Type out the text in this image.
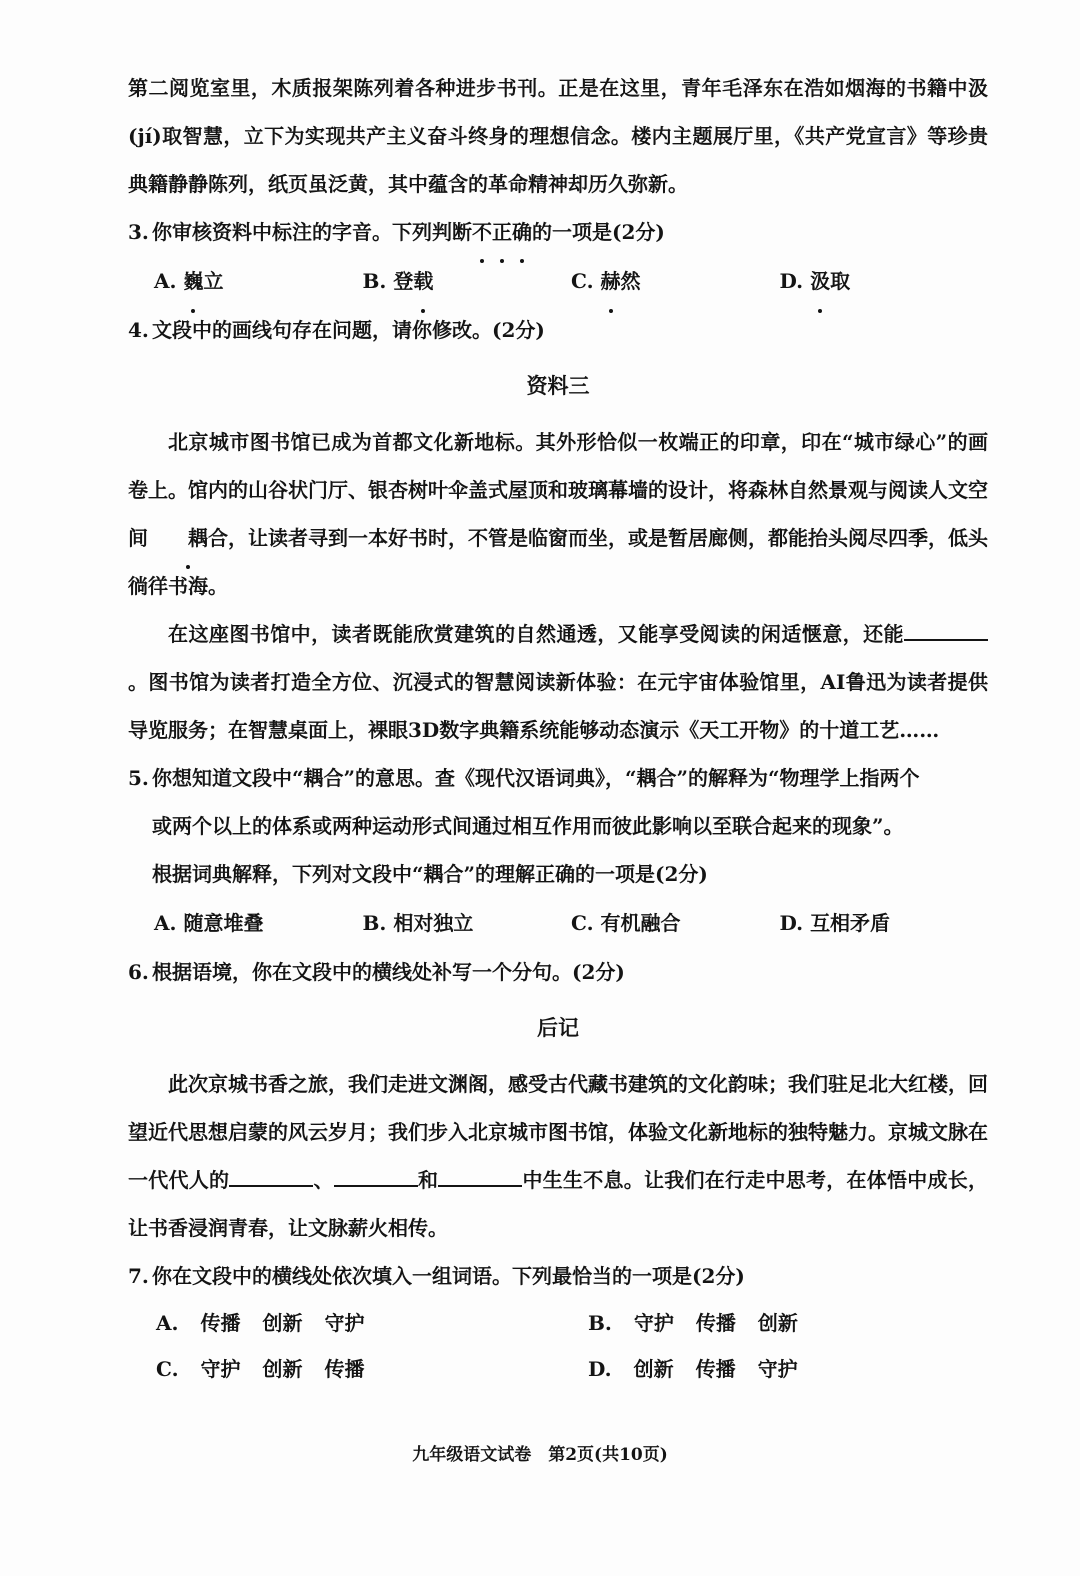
第二阅览室里，木质报架陈列着各种进步书刊。正是在这里，青年毛泽东在浩如烟海的书籍中汲(jí)取智慧，立下为实现共产主义奋斗终身的理想信念。楼内主题展厅里，《共产党宣言》等珍贵典籍静静陈列，纸页虽泛黄，其中蕴含的革命精神却历久弥新。

3. 你审核资料中标注的字音。下列判断不正确的一项是(2分)

A. 巍立	B. 登载	C. 赫然	D. 汲取

4. 文段中的画线句存在问题，请你修改。(2分)

资料三

北京城市图书馆已成为首都文化新地标。其外形恰似一枚端正的印章，印在“城市绿心”的画卷上。馆内的山谷状门厅、银杏树叶伞盖式屋顶和玻璃幕墙的设计，将森林自然景观与阅读人文空间 耦合，让读者寻到一本好书时，不管是临窗而坐，或是暂居廊侧，都能抬头阅尽四季，低头徜徉书海。

在这座图书馆中，读者既能欣赏建筑的自然通透，又能享受阅读的闲适惬意，还能。图书馆为读者打造全方位、沉浸式的智慧阅读新体验：在元宇宙体验馆里，AI鲁迅为读者提供导览服务；在智慧桌面上，裸眼3D数字典籍系统能够动态演示《天工开物》的十道工艺……

5. 你想知道文段中“耦合”的意思。查《现代汉语词典》，“耦合”的解释为“物理学上指两个

或两个以上的体系或两种运动形式间通过相互作用而彼此影响以至联合起来的现象”。

根据词典解释，下列对文段中“耦合”的理解正确的一项是(2分)

A. 随意堆叠	B. 相对独立	C. 有机融合	D. 互相矛盾

6. 根据语境，你在文段中的横线处补写一个分句。(2分)

后记

此次京城书香之旅，我们走进文渊阁，感受古代藏书建筑的文化韵味；我们驻足北大红楼，回望近代思想启蒙的风云岁月；我们步入北京城市图书馆，体验文化新地标的独特魅力。京城文脉在一代代人的	、	和	中生生不息。让我们在行走中思考，在体悟中成长，让书香浸润青春，让文脉薪火相传。

7. 你在文段中的横线处依次填入一组词语。下列最恰当的一项是(2分)

A. 传播 创新 守护	B. 守护 传播 创新
C. 守护 创新 传播	D. 创新 传播 守护
九年级语文试卷　第2页(共10页)
